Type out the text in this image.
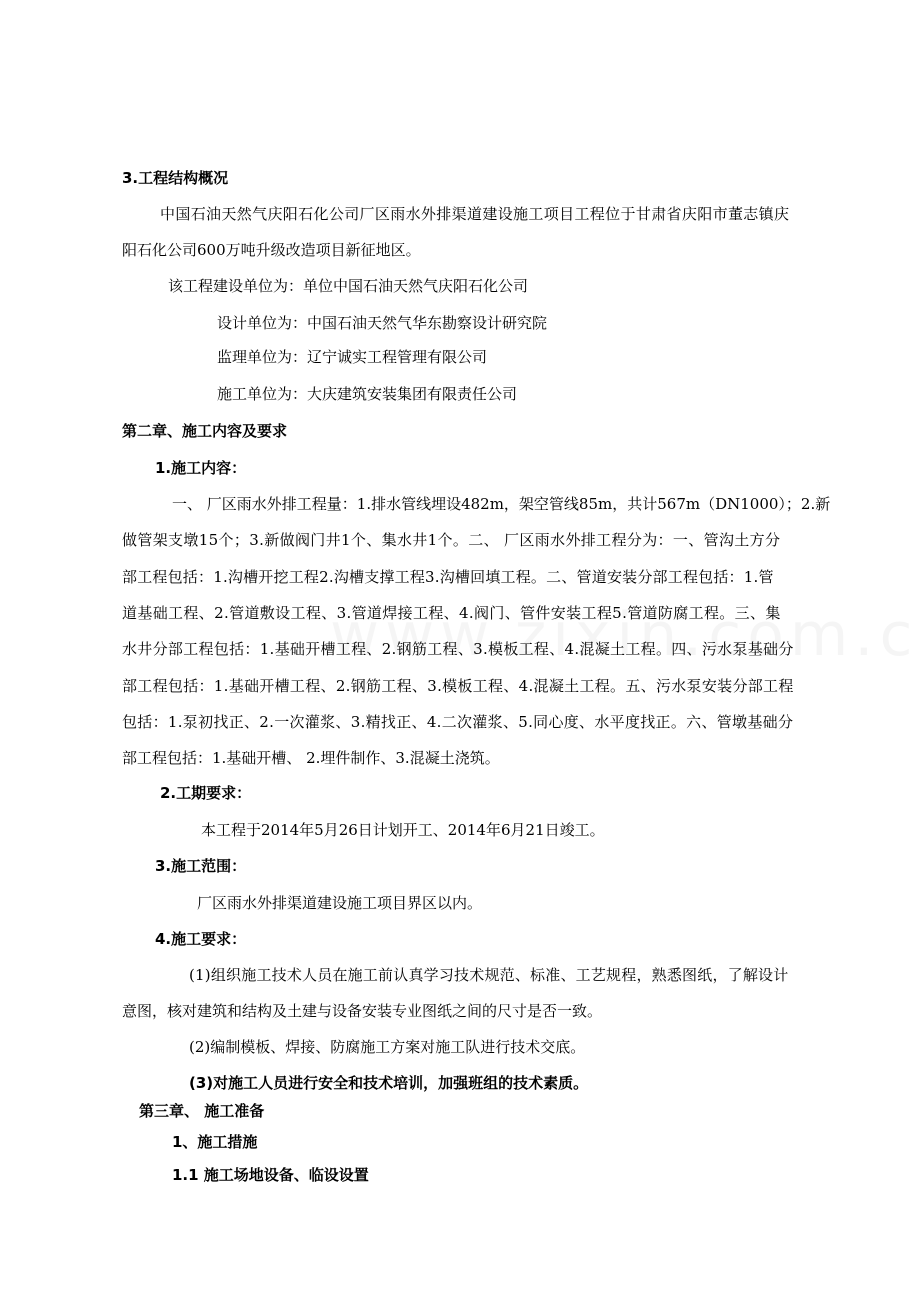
3.工程结构概况
中国石油天然气庆阳石化公司厂区雨水外排渠道建设施工项目工程位于甘肃省庆阳市董志镇庆
阳石化公司600万吨升级改造项目新征地区。
该工程建设单位为：单位中国石油天然气庆阳石化公司
设计单位为：中国石油天然气华东勘察设计研究院
监理单位为：辽宁诚实工程管理有限公司
施工单位为：大庆建筑安装集团有限责任公司
第二章、施工内容及要求
1.施工内容：
一、 厂区雨水外排工程量：1.排水管线埋设482m，架空管线85m，共计567m（DN1000）；2.新
做管架支墩15个；3.新做阀门井1个、集水井1个。二、 厂区雨水外排工程分为：一、管沟土方分
部工程包括：1.沟槽开挖工程2.沟槽支撑工程3.沟槽回填工程。二、管道安装分部工程包括：1.管
道基础工程、2.管道敷设工程、3.管道焊接工程、4.阀门、管件安装工程5.管道防腐工程。三、集
水井分部工程包括：1.基础开槽工程、2.钢筋工程、3.模板工程、4.混凝土工程。四、污水泵基础分
部工程包括：1.基础开槽工程、2.钢筋工程、3.模板工程、4.混凝土工程。五、污水泵安装分部工程
包括：1.泵初找正、2.一次灌浆、3.精找正、4.二次灌浆、5.同心度、水平度找正。六、管墩基础分
部工程包括：1.基础开槽、 2.埋件制作、3.混凝土浇筑。
2.工期要求：
本工程于2014年5月26日计划开工、2014年6月21日竣工。
3.施工范围：
厂区雨水外排渠道建设施工项目界区以内。
4.施工要求：
(1)组织施工技术人员在施工前认真学习技术规范、标准、工艺规程，熟悉图纸，了解设计
意图，核对建筑和结构及土建与设备安装专业图纸之间的尺寸是否一致。
(2)编制模板、焊接、防腐施工方案对施工队进行技术交底。
(3)对施工人员进行安全和技术培训，加强班组的技术素质。
第三章、 施工准备
1、施工措施
1.1 施工场地设备、临设设置
